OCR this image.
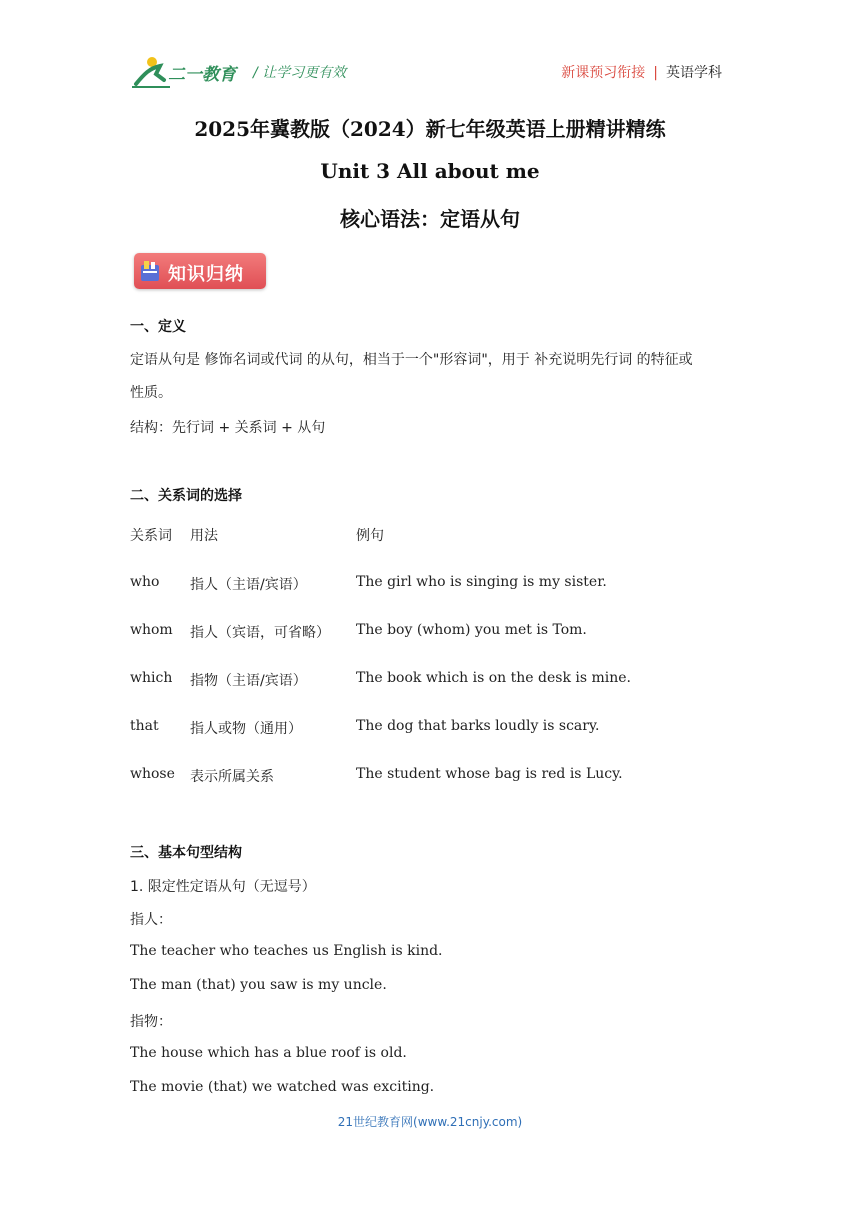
二一教育 / 让学习更有效	新课预习衔接 | 英语学科
2025年冀教版（2024）新七年级英语上册精讲精练
Unit 3 All about me
核心语法：定语从句
知识归纳
一、定义
定语从句是 修饰名词或代词 的从句，相当于一个"形容词"，用于 补充说明先行词 的特征或
性质。
结构：先行词 + 关系词 + 从句
二、关系词的选择
关系词 用法	例句
who 指人（主语/宾语）	The girl who is singing is my sister.
whom 指人（宾语，可省略） The boy (whom) you met is Tom.
which 指物（主语/宾语）	The book which is on the desk is mine.
that 指人或物（通用）	The dog that barks loudly is scary.
whose 表示所属关系	The student whose bag is red is Lucy.
三、基本句型结构
1. 限定性定语从句（无逗号）
指人：
The teacher who teaches us English is kind.
The man (that) you saw is my uncle.
指物：
The house which has a blue roof is old.
The movie (that) we watched was exciting.
21世纪教育网(www.21cnjy.com)
